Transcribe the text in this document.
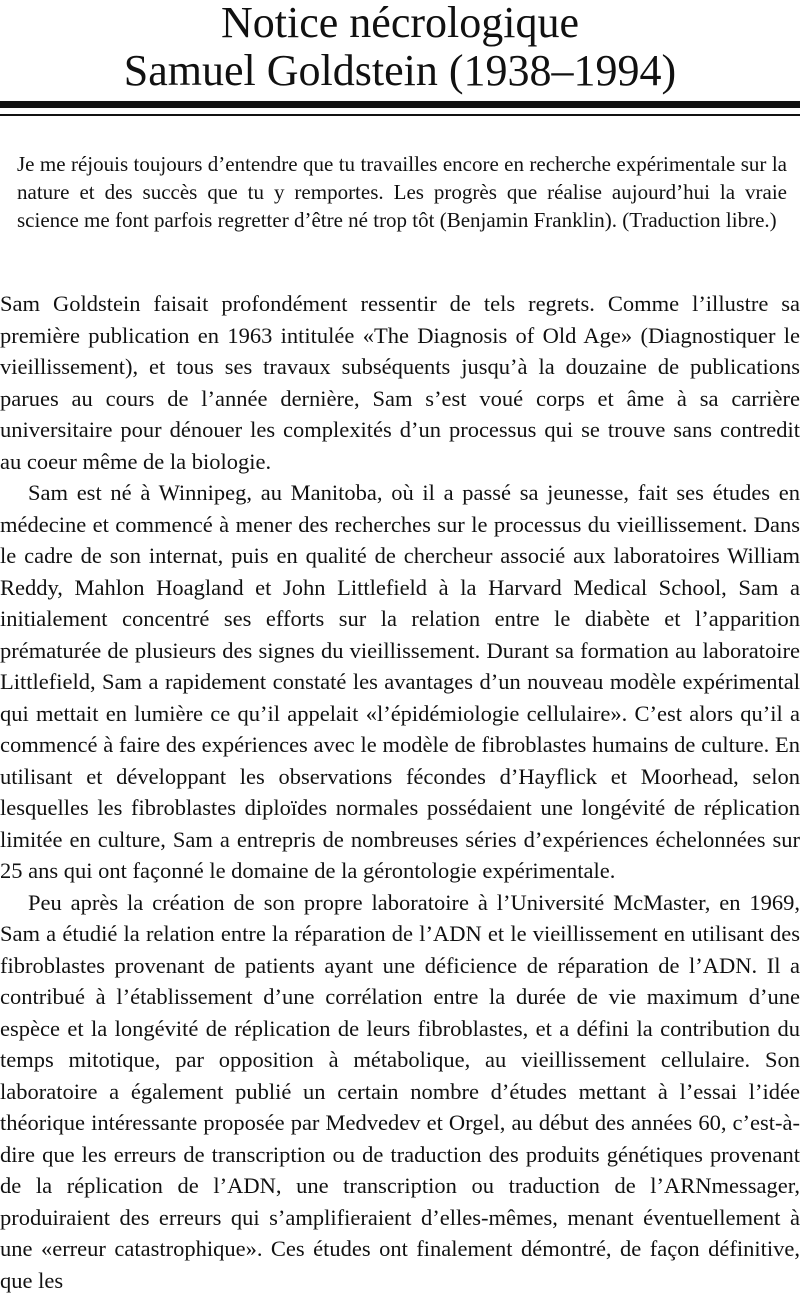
Notice nécrologique
Samuel Goldstein (1938–1994)

Je me réjouis toujours d’entendre que tu travailles encore en recherche expérimentale sur la nature et des succès que tu y remportes. Les progrès que réalise aujourd’hui la vraie science me font parfois regretter d’être né trop tôt (Benjamin Franklin). (Traduction libre.)

Sam Goldstein faisait profondément ressentir de tels regrets. Comme l’illustre sa première publication en 1963 intitulée «The Diagnosis of Old Age» (Diagnostiquer le vieillissement), et tous ses travaux subséquents jusqu’à la douzaine de publications parues au cours de l’année dernière, Sam s’est voué corps et âme à sa carrière universitaire pour dénouer les complexités d’un processus qui se trouve sans contredit au coeur même de la biologie.

Sam est né à Winnipeg, au Manitoba, où il a passé sa jeunesse, fait ses études en médecine et commencé à mener des recherches sur le processus du vieillissement. Dans le cadre de son internat, puis en qualité de chercheur associé aux laboratoires William Reddy, Mahlon Hoagland et John Littlefield à la Harvard Medical School, Sam a initialement concentré ses efforts sur la relation entre le diabète et l’apparition prématurée de plusieurs des signes du vieillissement. Durant sa formation au laboratoire Littlefield, Sam a rapidement constaté les avantages d’un nouveau modèle expérimental qui mettait en lumière ce qu’il appelait «l’épidémiologie cellulaire». C’est alors qu’il a commencé à faire des expériences avec le modèle de fibroblastes humains de culture. En utilisant et développant les observations fécondes d’Hayflick et Moorhead, selon lesquelles les fibroblastes diploïdes normales possédaient une longévité de réplication limitée en culture, Sam a entrepris de nombreuses séries d’expériences échelonnées sur 25 ans qui ont façonné le domaine de la gérontologie expérimentale.

Peu après la création de son propre laboratoire à l’Université McMaster, en 1969, Sam a étudié la relation entre la réparation de l’ADN et le vieillissement en utilisant des fibroblastes provenant de patients ayant une déficience de réparation de l’ADN. Il a contribué à l’établissement d’une corrélation entre la durée de vie maximum d’une espèce et la longévité de réplication de leurs fibroblastes, et a défini la contribution du temps mitotique, par opposition à métabolique, au vieillissement cellulaire. Son laboratoire a également publié un certain nombre d’études mettant à l’essai l’idée théorique intéressante proposée par Medvedev et Orgel, au début des années 60, c’est-à-dire que les erreurs de transcription ou de traduction des produits génétiques provenant de la réplication de l’ADN, une transcription ou traduction de l’ARNmessager, produiraient des erreurs qui s’amplifieraient d’elles-mêmes, menant éventuellement à une «erreur catastrophique». Ces études ont finalement démontré, de façon définitive, que les
